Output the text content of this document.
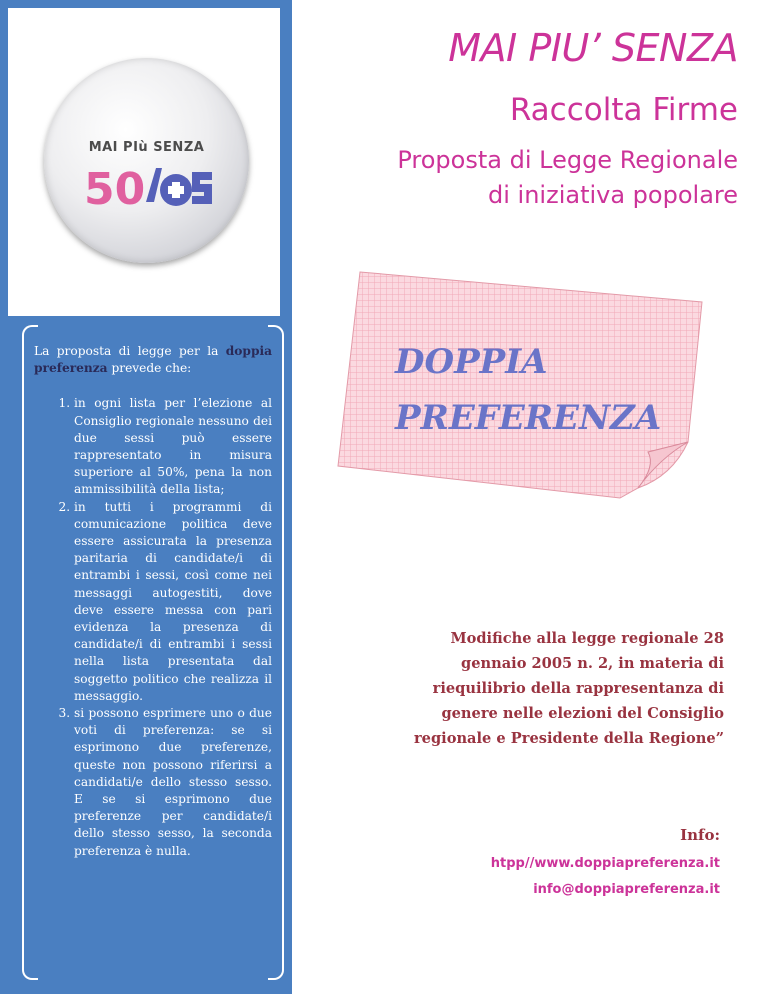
MAI PIù SENZA
50

La proposta di legge per la doppia preferenza prevede che:

1. in ogni lista per l’elezione al Consiglio regionale nessuno dei due sessi può essere rappresentato in misura superiore al 50%, pena la non ammissibilità della lista;
2. in tutti i programmi di comunicazione politica deve essere assicurata la presenza paritaria di candidate/i di entrambi i sessi, così come nei messaggi autogestiti, dove deve essere messa con pari evidenza la presenza di candidate/i di entrambi i sessi nella lista presentata dal soggetto politico che realizza il messaggio.
3. si possono esprimere uno o due voti di preferenza: se si esprimono due preferenze, queste non possono riferirsi a candidati/e dello stesso sesso. E se si esprimono due preferenze per candidate/i dello stesso sesso, la seconda preferenza è nulla.
MAI PIU’ SENZA
Raccolta Firme
Proposta di Legge Regionale
di iniziativa popolare
DOPPIA
PREFERENZA
Modifiche alla legge regionale 28 gennaio 2005 n. 2, in materia di riequilibrio della rappresentanza di genere nelle elezioni del Consiglio regionale e Presidente della Regione”
Info:
htpp//www.doppiapreferenza.it
info@doppiapreferenza.it
